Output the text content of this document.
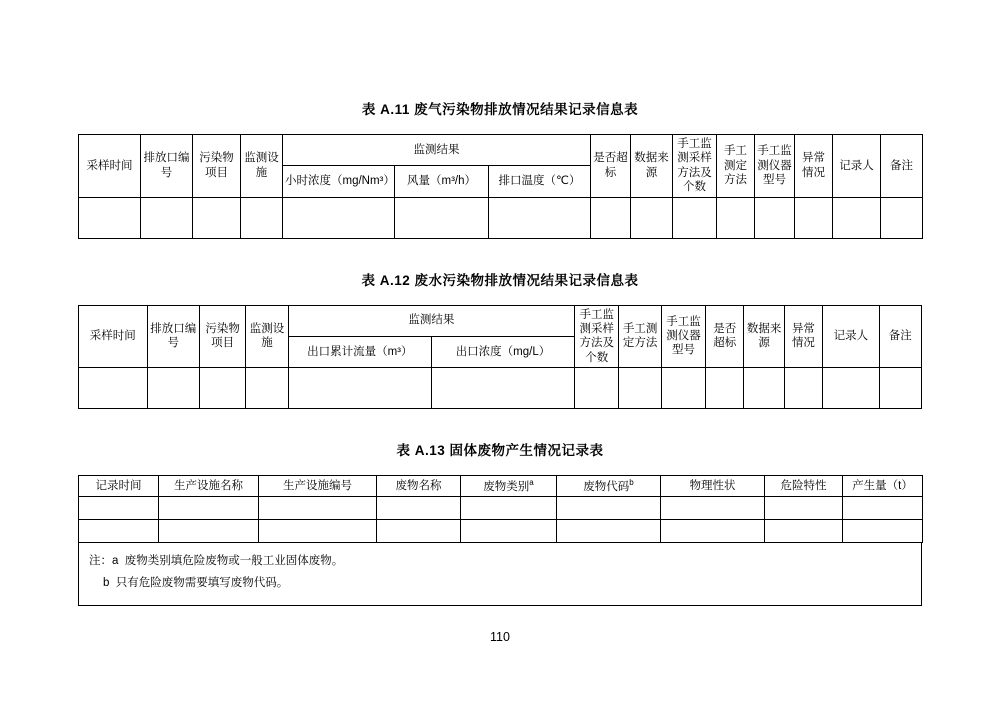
表 A.11 废气污染物排放情况结果记录信息表
采样时间	排放口编号	污染物项目	监测设施	监测结果			是否超标	数据来源	手工监测采样方法及个数	手工测定方法	手工监测仪器型号	异常情况	记录人	备注
				小时浓度（mg/Nm³）	风量（m³/h）	排口温度（℃）								

表 A.12 废水污染物排放情况结果记录信息表
采样时间	排放口编号	污染物项目	监测设施	监测结果		手工监测采样方法及个数	手工测定方法	手工监测仪器型号	是否超标	数据来源	异常情况	记录人	备注
				出口累计流量（m³）	出口浓度（mg/L）								

表 A.13 固体废物产生情况记录表
记录时间	生产设施名称	生产设施编号	废物名称	废物类别$^a$	废物代码$^b$	物理性状	危险特性	产生量（t）

注：a  废物类别填危险废物或一般工业固体废物。
b  只有危险废物需要填写废物代码。
110
